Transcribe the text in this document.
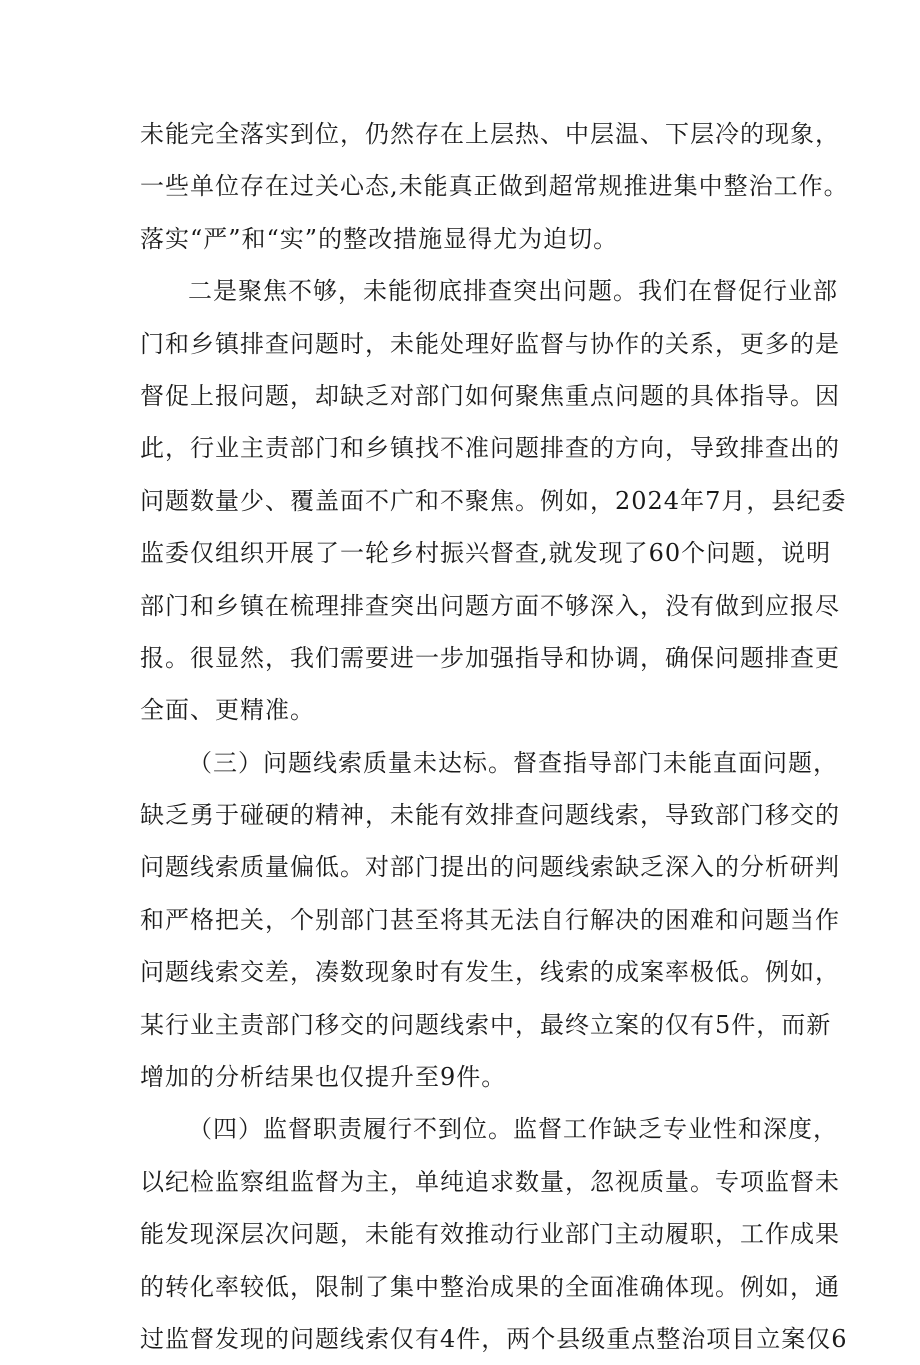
未能完全落实到位，仍然存在上层热、中层温、下层冷的现象，
一些单位存在过关心态,未能真正做到超常规推进集中整治工作。
落实“严”和“实”的整改措施显得尤为迫切。
二是聚焦不够，未能彻底排查突出问题。我们在督促行业部
门和乡镇排查问题时，未能处理好监督与协作的关系，更多的是
督促上报问题，却缺乏对部门如何聚焦重点问题的具体指导。因
此，行业主责部门和乡镇找不准问题排查的方向，导致排查出的
问题数量少、覆盖面不广和不聚焦。例如，2024年7月，县纪委
监委仅组织开展了一轮乡村振兴督查,就发现了60个问题，说明
部门和乡镇在梳理排查突出问题方面不够深入，没有做到应报尽
报。很显然，我们需要进一步加强指导和协调，确保问题排查更
全面、更精准。
（三）问题线索质量未达标。督查指导部门未能直面问题，
缺乏勇于碰硬的精神，未能有效排查问题线索，导致部门移交的
问题线索质量偏低。对部门提出的问题线索缺乏深入的分析研判
和严格把关，个别部门甚至将其无法自行解决的困难和问题当作
问题线索交差，凑数现象时有发生，线索的成案率极低。例如，
某行业主责部门移交的问题线索中，最终立案的仅有5件，而新
增加的分析结果也仅提升至9件。
（四）监督职责履行不到位。监督工作缺乏专业性和深度，
以纪检监察组监督为主，单纯追求数量，忽视质量。专项监督未
能发现深层次问题，未能有效推动行业部门主动履职，工作成果
的转化率较低，限制了集中整治成果的全面准确体现。例如，通
过监督发现的问题线索仅有4件，两个县级重点整治项目立案仅6
